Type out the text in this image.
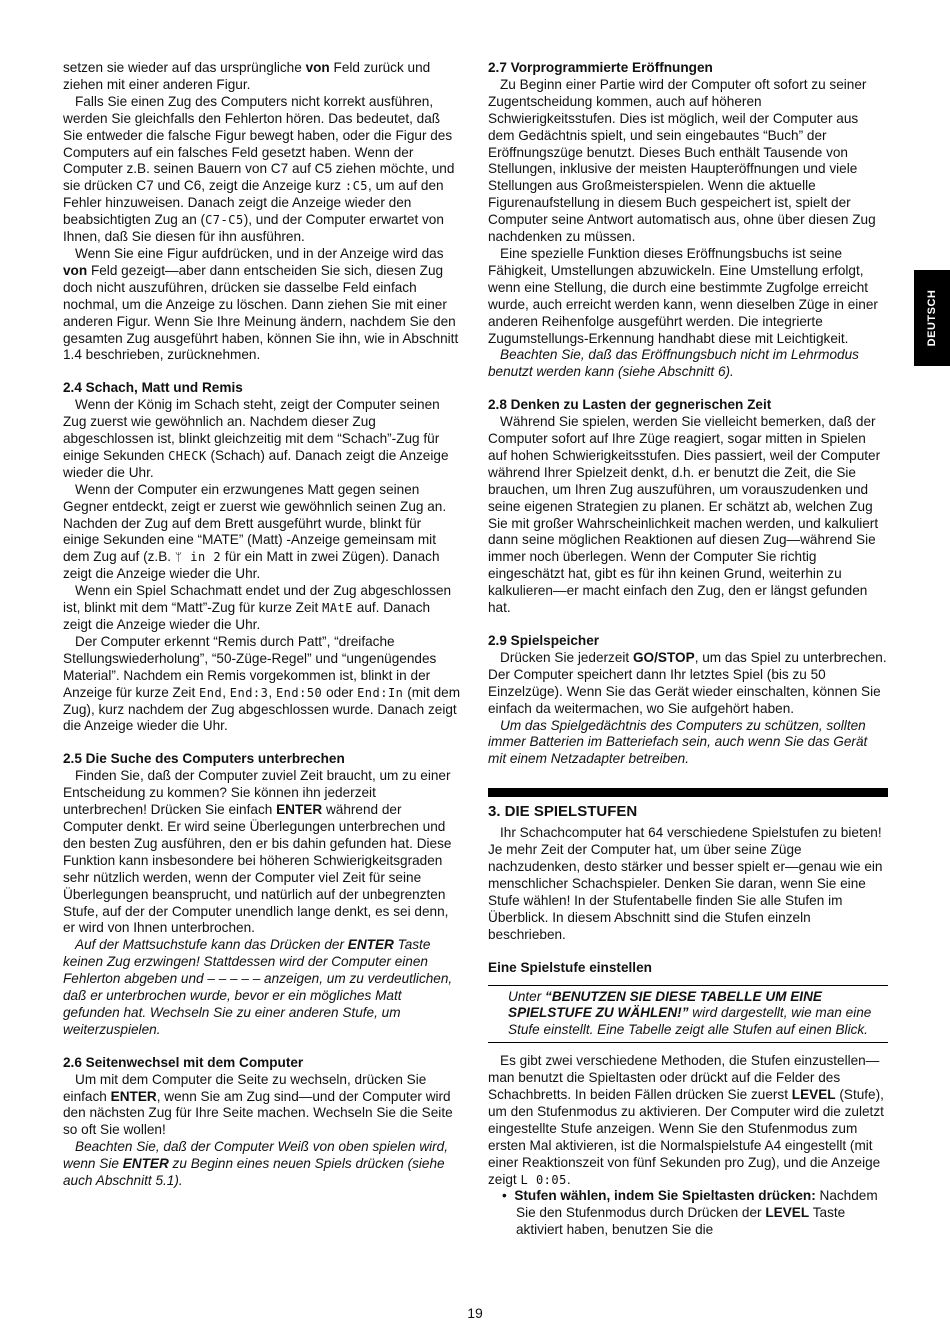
setzen sie wieder auf das ursprüngliche von Feld zurück und ziehen mit einer anderen Figur.

Falls Sie einen Zug des Computers nicht korrekt ausführen, werden Sie gleichfalls den Fehlerton hören. Das bedeutet, daß Sie entweder die falsche Figur bewegt haben, oder die Figur des Computers auf ein falsches Feld gesetzt haben. Wenn der Computer z.B. seinen Bauern von C7 auf C5 ziehen möchte, und sie drücken C7 und C6, zeigt die Anzeige kurz :C5, um auf den Fehler hinzuweisen. Danach zeigt die Anzeige wieder den beabsichtigten Zug an (C7-C5), und der Computer erwartet von Ihnen, daß Sie diesen für ihn ausführen.

Wenn Sie eine Figur aufdrücken, und in der Anzeige wird das von Feld gezeigt—aber dann entscheiden Sie sich, diesen Zug doch nicht auszuführen, drücken sie dasselbe Feld einfach nochmal, um die Anzeige zu löschen. Dann ziehen Sie mit einer anderen Figur. Wenn Sie Ihre Meinung ändern, nachdem Sie den gesamten Zug ausgeführt haben, können Sie ihn, wie in Abschnitt 1.4 beschrieben, zurücknehmen.

2.4 Schach, Matt und Remis

Wenn der König im Schach steht, zeigt der Computer seinen Zug zuerst wie gewöhnlich an. Nachdem dieser Zug abgeschlossen ist, blinkt gleichzeitig mit dem “Schach”-Zug für einige Sekunden CHECK (Schach) auf. Danach zeigt die Anzeige wieder die Uhr.

Wenn der Computer ein erzwungenes Matt gegen seinen Gegner entdeckt, zeigt er zuerst wie gewöhnlich seinen Zug an. Nachden der Zug auf dem Brett ausgeführt wurde, blinkt für einige Sekunden eine “MATE” (Matt) -Anzeige gemeinsam mit dem Zug auf (z.B. ᛘ in 2 für ein Matt in zwei Zügen). Danach zeigt die Anzeige wieder die Uhr.

Wenn ein Spiel Schachmatt endet und der Zug abgeschlossen ist, blinkt mit dem “Matt”-Zug für kurze Zeit MAtE auf. Danach zeigt die Anzeige wieder die Uhr.

Der Computer erkennt “Remis durch Patt”, “dreifache Stellungswiederholung”, “50-Züge-Regel” und “ungenügendes Material”. Nachdem ein Remis vorgekommen ist, blinkt in der Anzeige für kurze Zeit End, End:3, End:50 oder End:In (mit dem Zug), kurz nachdem der Zug abgeschlossen wurde. Danach zeigt die Anzeige wieder die Uhr.

2.5 Die Suche des Computers unterbrechen

Finden Sie, daß der Computer zuviel Zeit braucht, um zu einer Entscheidung zu kommen? Sie können ihn jederzeit unterbrechen! Drücken Sie einfach ENTER während der Computer denkt. Er wird seine Überlegungen unterbrechen und den besten Zug ausführen, den er bis dahin gefunden hat. Diese Funktion kann insbesondere bei höheren Schwierigkeitsgraden sehr nützlich werden, wenn der Computer viel Zeit für seine Überlegungen beansprucht, und natürlich auf der unbegrenzten Stufe, auf der der Computer unendlich lange denkt, es sei denn, er wird von Ihnen unterbrochen.

Auf der Mattsuchstufe kann das Drücken der ENTER Taste keinen Zug erzwingen! Stattdessen wird der Computer einen Fehlerton abgeben und – – – – – anzeigen, um zu verdeutlichen, daß er unterbrochen wurde, bevor er ein mögliches Matt gefunden hat. Wechseln Sie zu einer anderen Stufe, um weiterzuspielen.

2.6 Seitenwechsel mit dem Computer

Um mit dem Computer die Seite zu wechseln, drücken Sie einfach ENTER, wenn Sie am Zug sind—und der Computer wird den nächsten Zug für Ihre Seite machen. Wechseln Sie die Seite so oft Sie wollen!

Beachten Sie, daß der Computer Weiß von oben spielen wird, wenn Sie ENTER zu Beginn eines neuen Spiels drücken (siehe auch Abschnitt 5.1).

2.7 Vorprogrammierte Eröffnungen

Zu Beginn einer Partie wird der Computer oft sofort zu seiner Zugentscheidung kommen, auch auf höheren Schwierigkeitsstufen. Dies ist möglich, weil der Computer aus dem Gedächtnis spielt, und sein eingebautes “Buch” der Eröffnungszüge benutzt. Dieses Buch enthält Tausende von Stellungen, inklusive der meisten Haupteröffnungen und viele Stellungen aus Großmeisterspielen. Wenn die aktuelle Figurenaufstellung in diesem Buch gespeichert ist, spielt der Computer seine Antwort automatisch aus, ohne über diesen Zug nachdenken zu müssen.

Eine spezielle Funktion dieses Eröffnungsbuchs ist seine Fähigkeit, Umstellungen abzuwickeln. Eine Umstellung erfolgt, wenn eine Stellung, die durch eine bestimmte Zugfolge erreicht wurde, auch erreicht werden kann, wenn dieselben Züge in einer anderen Reihenfolge ausgeführt werden. Die integrierte Zugumstellungs-Erkennung handhabt diese mit Leichtigkeit.

Beachten Sie, daß das Eröffnungsbuch nicht im Lehrmodus benutzt werden kann (siehe Abschnitt 6).

2.8 Denken zu Lasten der gegnerischen Zeit

Während Sie spielen, werden Sie vielleicht bemerken, daß der Computer sofort auf Ihre Züge reagiert, sogar mitten in Spielen auf hohen Schwierigkeitsstufen. Dies passiert, weil der Computer während Ihrer Spielzeit denkt, d.h. er benutzt die Zeit, die Sie brauchen, um Ihren Zug auszuführen, um vorauszudenken und seine eigenen Strategien zu planen. Er schätzt ab, welchen Zug Sie mit großer Wahrscheinlichkeit machen werden, und kalkuliert dann seine möglichen Reaktionen auf diesen Zug—während Sie immer noch überlegen. Wenn der Computer Sie richtig eingeschätzt hat, gibt es für ihn keinen Grund, weiterhin zu kalkulieren—er macht einfach den Zug, den er längst gefunden hat.

2.9 Spielspeicher

Drücken Sie jederzeit GO/STOP, um das Spiel zu unterbrechen. Der Computer speichert dann Ihr letztes Spiel (bis zu 50 Einzelzüge). Wenn Sie das Gerät wieder einschalten, können Sie einfach da weitermachen, wo Sie aufgehört haben.

Um das Spielgedächtnis des Computers zu schützen, sollten immer Batterien im Batteriefach sein, auch wenn Sie das Gerät mit einem Netzadapter betreiben.

3. DIE SPIELSTUFEN

Ihr Schachcomputer hat 64 verschiedene Spielstufen zu bieten! Je mehr Zeit der Computer hat, um über seine Züge nachzudenken, desto stärker und besser spielt er—genau wie ein menschlicher Schachspieler. Denken Sie daran, wenn Sie eine Stufe wählen! In der Stufentabelle finden Sie alle Stufen im Überblick. In diesem Abschnitt sind die Stufen einzeln beschrieben.

Eine Spielstufe einstellen

Unter “BENUTZEN SIE DIESE TABELLE UM EINE SPIELSTUFE ZU WÄHLEN!” wird dargestellt, wie man eine Stufe einstellt. Eine Tabelle zeigt alle Stufen auf einen Blick.

Es gibt zwei verschiedene Methoden, die Stufen einzustellen—man benutzt die Spieltasten oder drückt auf die Felder des Schachbretts. In beiden Fällen drücken Sie zuerst LEVEL (Stufe), um den Stufenmodus zu aktivieren. Der Computer wird die zuletzt eingestellte Stufe anzeigen. Wenn Sie den Stufenmodus zum ersten Mal aktivieren, ist die Normalspielstufe A4 eingestellt (mit einer Reaktionszeit von fünf Sekunden pro Zug), und die Anzeige zeigt L 0:05.

• Stufen wählen, indem Sie Spieltasten drücken: Nachdem Sie den Stufenmodus durch Drücken der LEVEL Taste aktiviert haben, benutzen Sie die

DEUTSCH
19
